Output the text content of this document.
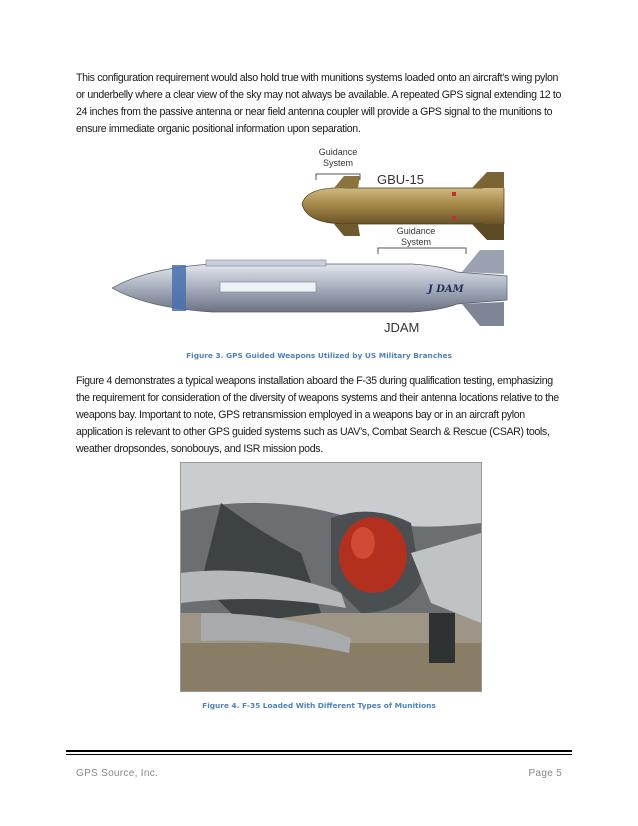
This configuration requirement would also hold true with munitions systems loaded onto an aircraft’s wing pylon or underbelly where a clear view of the sky may not always be available. A repeated GPS signal extending 12 to 24 inches from the passive antenna or near field antenna coupler will provide a GPS signal to the munitions to ensure immediate organic positional information upon separation.

Guidance
System
GBU-15
Guidance
System
J DAM
JDAM
Figure 3. GPS Guided Weapons Utilized by US Military Branches

Figure 4 demonstrates a typical weapons installation aboard the F-35 during qualification testing, emphasizing the requirement for consideration of the diversity of weapons systems and their antenna locations relative to the weapons bay. Important to note, GPS retransmission employed in a weapons bay or in an aircraft pylon application is relevant to other GPS guided systems such as UAV’s, Combat Search & Rescue (CSAR) tools, weather dropsondes, sonobouys, and ISR mission pods.

Figure 4. F-35 Loaded With Different Types of Munitions
GPS Source, Inc.	Page 5
